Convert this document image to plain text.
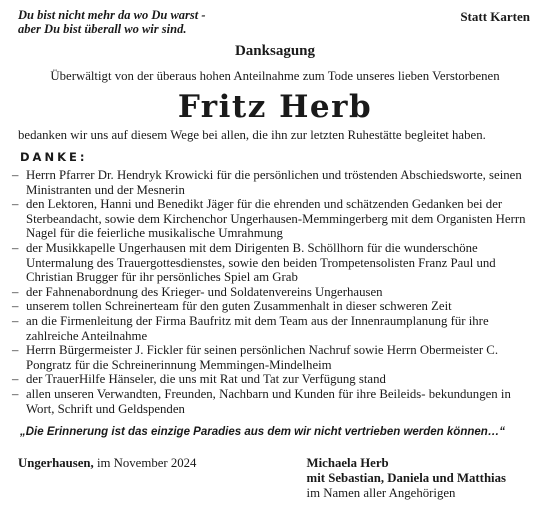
Du bist nicht mehr da wo Du warst -
aber Du bist überall wo wir sind.
Statt Karten
Danksagung
Überwältigt von der überaus hohen Anteilnahme zum Tode unseres lieben Verstorbenen
Fritz Herb
bedanken wir uns auf diesem Wege bei allen, die ihn zur letzten Ruhestätte begleitet haben.
DANKE:
– Herrn Pfarrer Dr. Hendryk Krowicki für die persönlichen und tröstenden Abschiedsworte, seinen Ministranten und der Mesnerin
– den Lektoren, Hanni und Benedikt Jäger für die ehrenden und schätzenden Gedanken bei der Sterbeandacht, sowie dem Kirchenchor Ungerhausen-Memmingerberg mit dem Organisten Herrn Nagel für die feierliche musikalische Umrahmung
– der Musikkapelle Ungerhausen mit dem Dirigenten B. Schöllhorn für die wunderschöne Untermalung des Trauergottesdienstes, sowie den beiden Trompetensolisten Franz Paul und Christian Brugger für ihr persönliches Spiel am Grab
– der Fahnenabordnung des Krieger- und Soldatenvereins Ungerhausen
– unserem tollen Schreinerteam für den guten Zusammenhalt in dieser schweren Zeit
– an die Firmenleitung der Firma Baufritz mit dem Team aus der Innenraumplanung für ihre zahlreiche Anteilnahme
– Herrn Bürgermeister J. Fickler für seinen persönlichen Nachruf sowie Herrn Obermeister C. Pongratz für die Schreinerinnung Memmingen-Mindelheim
– der TrauerHilfe Hänseler, die uns mit Rat und Tat zur Verfügung stand
– allen unseren Verwandten, Freunden, Nachbarn und Kunden für ihre Beileids- bekundungen in Wort, Schrift und Geldspenden
„Die Erinnerung ist das einzige Paradies aus dem wir nicht vertrieben werden können…“
Ungerhausen, im November 2024	Michaela Herb
mit Sebastian, Daniela und Matthias
im Namen aller Angehörigen
